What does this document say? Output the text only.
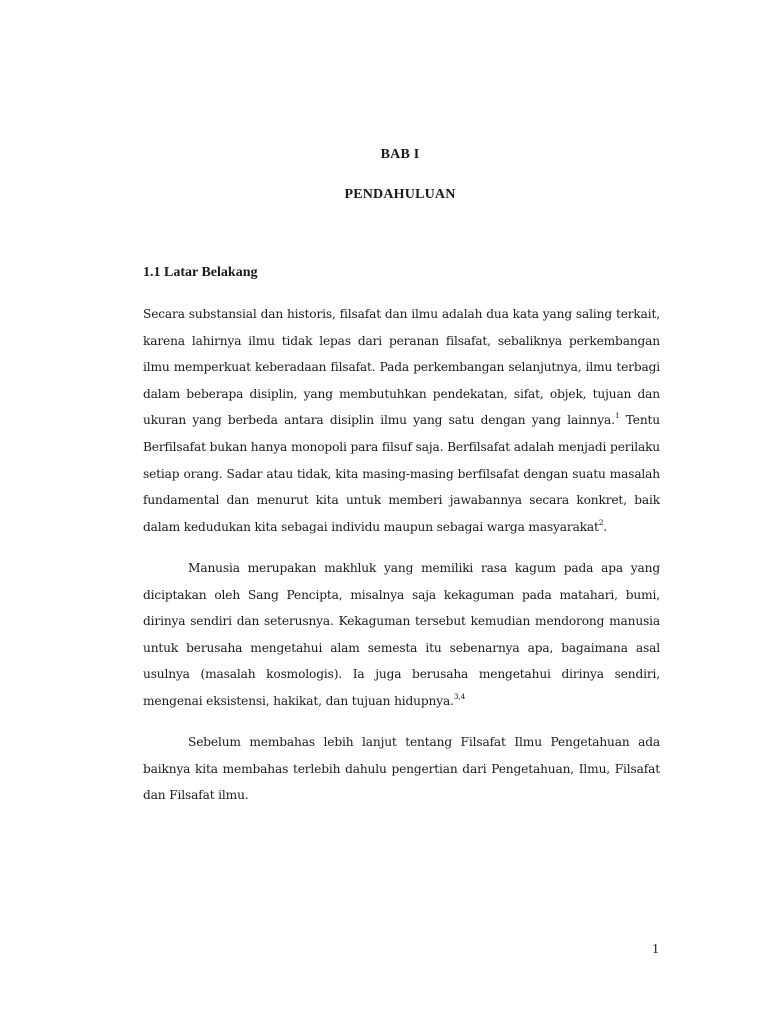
BAB I
PENDAHULUAN
1.1 Latar Belakang

Secara substansial dan historis, filsafat dan ilmu adalah dua kata yang saling terkait, karena lahirnya ilmu tidak lepas dari peranan filsafat, sebaliknya perkembangan ilmu memperkuat keberadaan filsafat. Pada perkembangan selanjutnya, ilmu terbagi dalam beberapa disiplin, yang membutuhkan pendekatan, sifat, objek, tujuan dan ukuran yang berbeda antara disiplin ilmu yang satu dengan yang lainnya.$^1$ Tentu Berfilsafat bukan hanya monopoli para filsuf saja. Berfilsafat adalah menjadi perilaku setiap orang. Sadar atau tidak, kita masing-masing berfilsafat dengan suatu masalah fundamental dan menurut kita untuk memberi jawabannya secara konkret, baik dalam kedudukan kita sebagai individu maupun sebagai warga masyarakat$^2$.

Manusia merupakan makhluk yang memiliki rasa kagum pada apa yang diciptakan oleh Sang Pencipta, misalnya saja kekaguman pada matahari, bumi, dirinya sendiri dan seterusnya. Kekaguman tersebut kemudian mendorong manusia untuk berusaha mengetahui alam semesta itu sebenarnya apa, bagaimana asal usulnya (masalah kosmologis). Ia juga berusaha mengetahui dirinya sendiri, mengenai eksistensi, hakikat, dan tujuan hidupnya.$^{3,4}$

Sebelum membahas lebih lanjut tentang Filsafat Ilmu Pengetahuan ada baiknya kita membahas terlebih dahulu pengertian dari Pengetahuan, Ilmu, Filsafat dan Filsafat ilmu.

1
